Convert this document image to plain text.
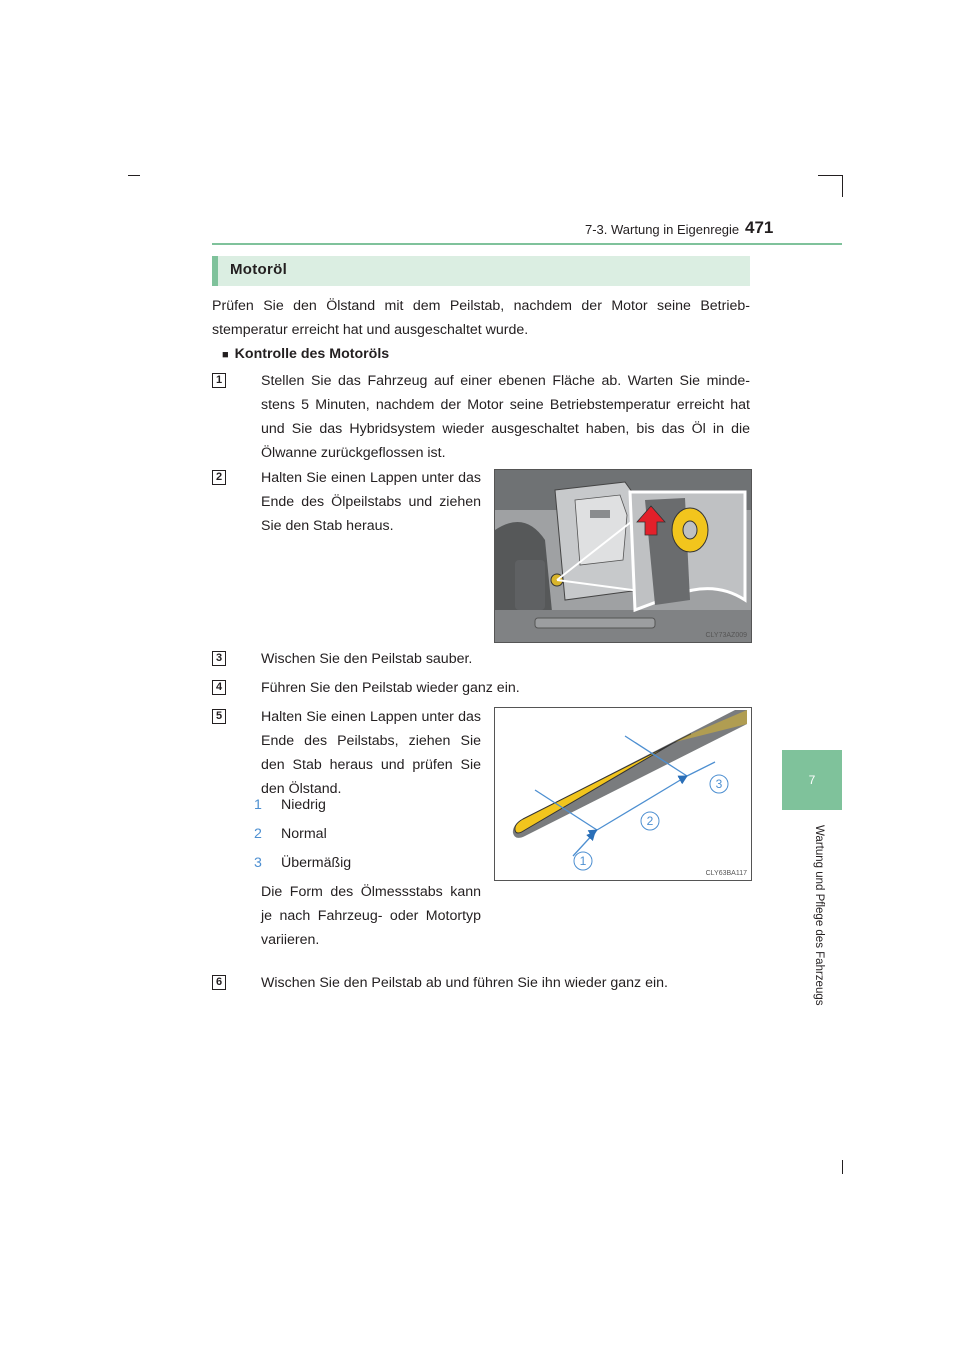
7-3. Wartung in Eigenregie 471
7
Wartung und Pflege des Fahrzeugs
Motoröl
Prüfen Sie den Ölstand mit dem Peilstab, nachdem der Motor seine Betrieb-stemperatur erreicht hat und ausgeschaltet wurde.
■ Kontrolle des Motoröls
1	Stellen Sie das Fahrzeug auf einer ebenen Fläche ab. Warten Sie minde-stens 5 Minuten, nachdem der Motor seine Betriebstemperatur erreicht hat und Sie das Hybridsystem wieder ausgeschaltet haben, bis das Öl in die Ölwanne zurückgeflossen ist.
2	Halten Sie einen Lappen unter das Ende des Ölpeilstabs und ziehen Sie den Stab heraus.
CLY73AZ009
3	Wischen Sie den Peilstab sauber.
4	Führen Sie den Peilstab wieder ganz ein.
5	Halten Sie einen Lappen unter das Ende des Peilstabs, ziehen Sie den Stab heraus und prüfen Sie den Ölstand.
1 Niedrig
2 Normal
3 Übermäßig
Die Form des Ölmessstabs kann je nach Fahrzeug- oder Motortyp variieren.
1
2
3
CLY63BA117
6	Wischen Sie den Peilstab ab und führen Sie ihn wieder ganz ein.
